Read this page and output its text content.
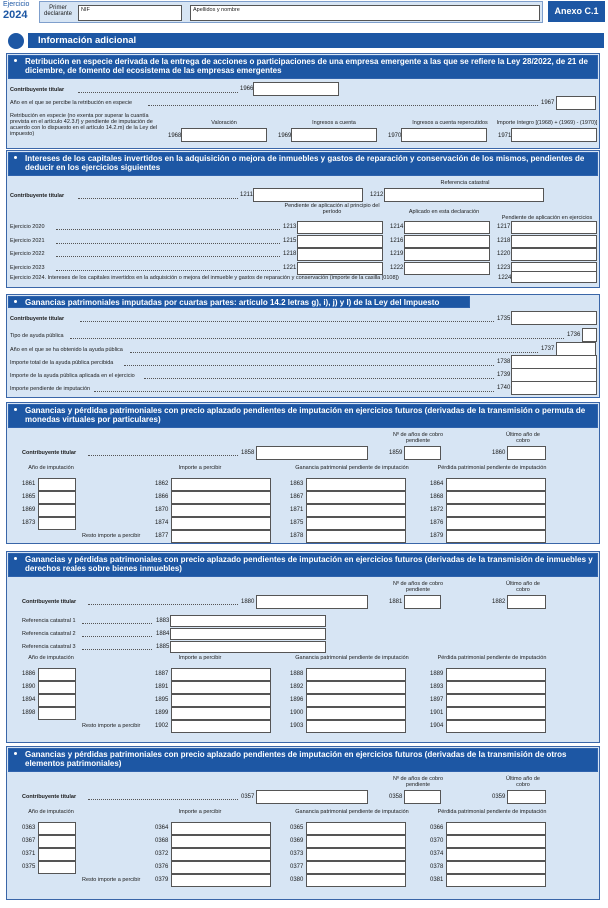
Ejercicio
2024
Primer declarante
NIF	Apellidos y nombre	Anexo C.1
Información adicional
Retribución en especie derivada de la entrega de acciones o participaciones de una empresa emergente a las que se refiere la Ley 28/2022, de 21 de diciembre, de fomento del ecosistema de las empresas emergentes
Contribuyente titular	1966
Año en el que se percibe la retribución en especie	1967
Retribución en especie (no exenta por superar la cuantía prevista en el artículo 42.3.f) y pendiente de imputación de acuerdo con lo dispuesto en el artículo 14.2.m) de la Ley del impuesto)
Valoración	Ingresos a cuenta	Ingresos a cuenta repercutidos	Importe íntegro [(1968) + (1969) - (1970)]
1968	1969	1970	1971
Intereses de los capitales invertidos en la adquisición o mejora de inmuebles y gastos de reparación y conservación de los mismos, pendientes de deducir en los ejercicios siguientes
Contribuyente titular	1211
Referencia catastral
1212
Pendiente de aplicación al principio del período	Aplicado en esta declaración
Pendiente de aplicación en ejercicios
Ejercicio 2020	1213	1214	1217
Ejercicio 2021	1215	1216	1218
Ejercicio 2022	1218	1219	1220
Ejercicio 2023	1221	1222	1223
Ejercicio 2024. Intereses de los capitales invertidos en la adquisición o mejora del inmueble y gastos de reparación y conservación (importe de la casilla [0108])	1224
Ganancias patrimoniales imputadas por cuartas partes: artículo 14.2 letras g), i), j) y l) de la Ley del Impuesto
Contribuyente titular	1735
Tipo de ayuda pública	1736
Año en el que se ha obtenido la ayuda pública	1737
Importe total de la ayuda pública percibida	1738
Importe de la ayuda pública aplicada en el ejercicio	1739
Importe pendiente de imputación	1740
Ganancias y pérdidas patrimoniales con precio aplazado pendientes de imputación en ejercicios futuros (derivadas de la transmisión o permuta de monedas virtuales por particulares)
Contribuyente titular	1858
Nº de años de cobro pendiente
1859
Último año de cobro
1860
Año de imputación	Importe a percibir	Ganancia patrimonial pendiente de imputación	Pérdida patrimonial pendiente de imputación
1861	1862	1863	1864
1865	1866	1867	1868
1869	1870	1871	1872
1873	1874	1875	1876
Resto importe a percibir 1877	1878	1879
Ganancias y pérdidas patrimoniales con precio aplazado pendientes de imputación en ejercicios futuros (derivadas de la transmisión de inmuebles y derechos reales sobre bienes inmuebles)
Contribuyente titular	1880
Nº de años de cobro pendiente
1881
Último año de cobro
1882
Referencia catastral 1	1883
Referencia catastral 2	1884
Referencia catastral 3	1885
Año de imputación	Importe a percibir	Ganancia patrimonial pendiente de imputación	Pérdida patrimonial pendiente de imputación
1886	1887	1888	1889
1890	1891	1892	1893
1894	1895	1896	1897
1898	1899	1900	1901
Resto importe a percibir 1902	1903	1904
Ganancias y pérdidas patrimoniales con precio aplazado pendientes de imputación en ejercicios futuros (derivadas de la transmisión de otros elementos patrimoniales)
Contribuyente titular	0357
Nº de años de cobro pendiente
0358
Último año de cobro
0359
Año de imputación	Importe a percibir	Ganancia patrimonial pendiente de imputación	Pérdida patrimonial pendiente de imputación
0363	0364	0365	0366
0367	0368	0369	0370
0371	0372	0373	0374
0375	0376	0377	0378
Resto importe a percibir 0379	0380	0381
